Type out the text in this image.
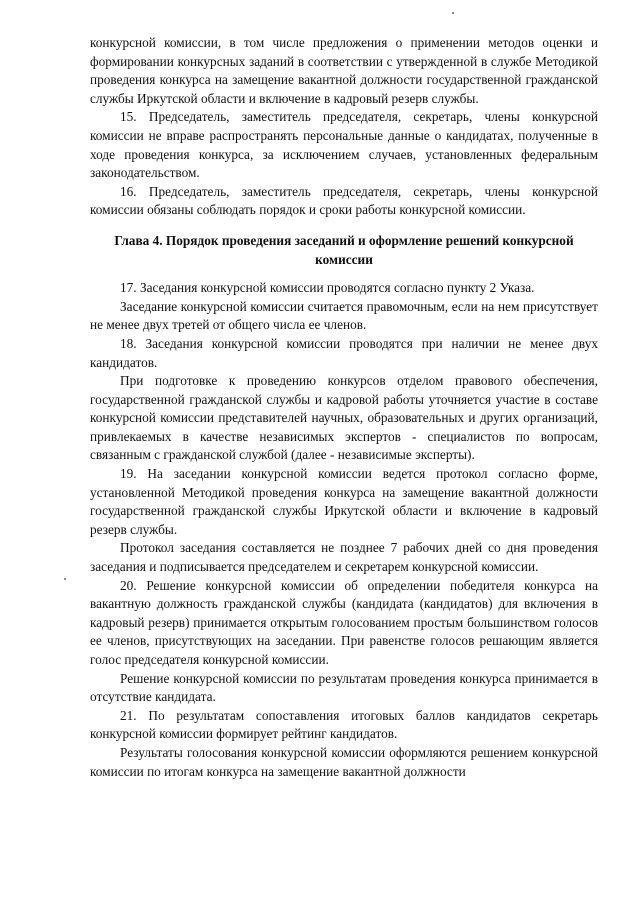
конкурсной комиссии, в том числе предложения о применении методов оценки и формировании конкурсных заданий в соответствии с утвержденной в службе Методикой проведения конкурса на замещение вакантной должности государственной гражданской службы Иркутской области и включение в кадровый резерв службы.

15. Председатель, заместитель председателя, секретарь, члены конкурсной комиссии не вправе распространять персональные данные о кандидатах, полученные в ходе проведения конкурса, за исключением случаев, установленных федеральным законодательством.

16. Председатель, заместитель председателя, секретарь, члены конкурсной комиссии обязаны соблюдать порядок и сроки работы конкурсной комиссии.

Глава 4. Порядок проведения заседаний и оформление решений конкурсной комиссии

17. Заседания конкурсной комиссии проводятся согласно пункту 2 Указа.

Заседание конкурсной комиссии считается правомочным, если на нем присутствует не менее двух третей от общего числа ее членов.

18. Заседания конкурсной комиссии проводятся при наличии не менее двух кандидатов.

При подготовке к проведению конкурсов отделом правового обеспечения, государственной гражданской службы и кадровой работы уточняется участие в составе конкурсной комиссии представителей научных, образовательных и других организаций, привлекаемых в качестве независимых экспертов - специалистов по вопросам, связанным с гражданской службой (далее - независимые эксперты).

19. На заседании конкурсной комиссии ведется протокол согласно форме, установленной Методикой проведения конкурса на замещение вакантной должности государственной гражданской службы Иркутской области и включение в кадровый резерв службы.

Протокол заседания составляется не позднее 7 рабочих дней со дня проведения заседания и подписывается председателем и секретарем конкурсной комиссии.

20. Решение конкурсной комиссии об определении победителя конкурса на вакантную должность гражданской службы (кандидата (кандидатов) для включения в кадровый резерв) принимается открытым голосованием простым большинством голосов ее членов, присутствующих на заседании. При равенстве голосов решающим является голос председателя конкурсной комиссии.

Решение конкурсной комиссии по результатам проведения конкурса принимается в отсутствие кандидата.

21. По результатам сопоставления итоговых баллов кандидатов секретарь конкурсной комиссии формирует рейтинг кандидатов.

Результаты голосования конкурсной комиссии оформляются решением конкурсной комиссии по итогам конкурса на замещение вакантной должности
